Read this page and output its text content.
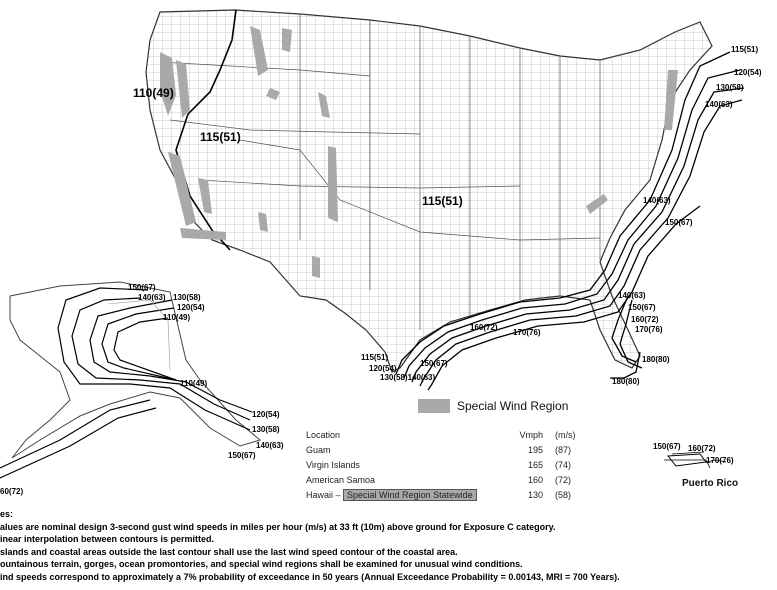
110(49)
115(51)
115(51)
115(51)
120(54)
130(58)
140(63)
140(63)
150(67)
140(63)
150(67)
160(72)
170(76)
180(80)
180(80)
160(72)
170(76)
115(51)
120(54)
130(58)140(63)
150(67)
150(67)
140(63) 130(58)
120(54)
110(49)
110(49)
120(54)
130(58)
140(63)
150(67)
60(72)
Special Wind Region
Location	Vmph	(m/s)
Guam	195	(87)
Virgin Islands	165	(74)
American Samoa	160	(72)
Hawaii – Special Wind Region Statewide	130	(58)
150(67) 160(72)
170(76)
Puerto Rico
es:
alues are nominal design 3-second gust wind speeds in miles per hour (m/s) at 33 ft (10m) above ground for Exposure C category.
inear interpolation between contours is permitted.
slands and coastal areas outside the last contour shall use the last wind speed contour of the coastal area.
ountainous terrain, gorges, ocean promontories, and special wind regions shall be examined for unusual wind conditions.
ind speeds correspond to approximately a 7% probability of exceedance in 50 years (Annual Exceedance Probability = 0.00143, MRI = 700 Years).
